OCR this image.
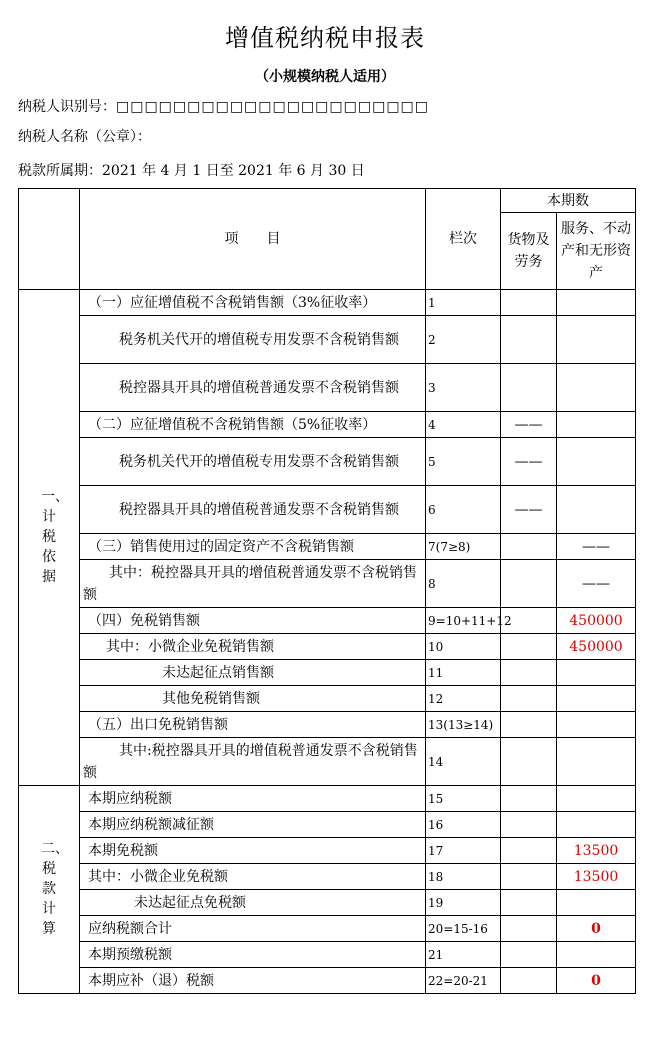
增值税纳税申报表
（小规模纳税人适用）
纳税人识别号：□□□□□□□□□□□□□□□□□□□□□□
纳税人名称（公章）：
税款所属期：2021 年 4 月 1 日至 2021 年 6 月 30 日
	项　　目	栏次	本期数	
			货物及劳务	服务、不动产和无形资产
一、计税依据	（一）应征增值税不含税销售额（3%征收率）	1		
	税务机关代开的增值税专用发票不含税销售额	2		
	税控器具开具的增值税普通发票不含税销售额	3		
	（二）应征增值税不含税销售额（5%征收率）	4	——	
	税务机关代开的增值税专用发票不含税销售额	5	——	
	税控器具开具的增值税普通发票不含税销售额	6	——	
	（三）销售使用过的固定资产不含税销售额	7(7≥8)		——
	其中：税控器具开具的增值税普通发票不含税销售额	8		——
	（四）免税销售额	9=10+11+12		450000
	其中：小微企业免税销售额	10		450000
	未达起征点销售额	11		
	其他免税销售额	12		
	（五）出口免税销售额	13(13≥14)		
	其中:税控器具开具的增值税普通发票不含税销售额	14		
二、税款计算	本期应纳税额	15		
	本期应纳税额减征额	16		
	本期免税额	17		13500
	其中：小微企业免税额	18		13500
	未达起征点免税额	19		
	应纳税额合计	20=15-16		0
	本期预缴税额	21		
	本期应补（退）税额	22=20-21		0
